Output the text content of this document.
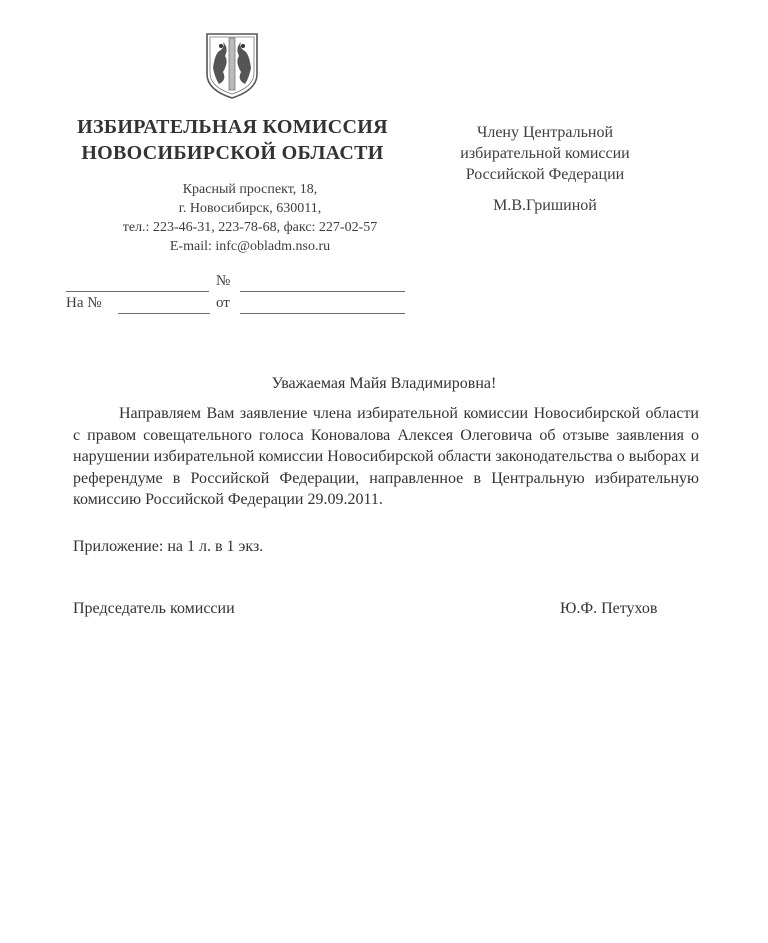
ИЗБИРАТЕЛЬНАЯ КОМИССИЯ
НОВОСИБИРСКОЙ ОБЛАСТИ
Красный проспект, 18,
г. Новосибирск, 630011,
тел.: 223-46-31, 223-78-68, факс: 227-02-57
E-mail: infc@obladm.nso.ru
№
На №	от
Члену Центральной
избирательной комиссии
Российской Федерации
М.В.Гришиной
Уважаемая Майя Владимировна!
Направляем Вам заявление члена избирательной комиссии Новосибирской области с правом совещательного голоса Коновалова Алексея Олеговича об отзыве заявления о нарушении избирательной комиссии Новосибирской области законодательства о выборах и референдуме в Российской Федерации, направленное в Центральную избирательную комиссию Российской Федерации 29.09.2011.
Приложение: на 1 л. в 1 экз.
Председатель комиссии	Ю.Ф. Петухов
